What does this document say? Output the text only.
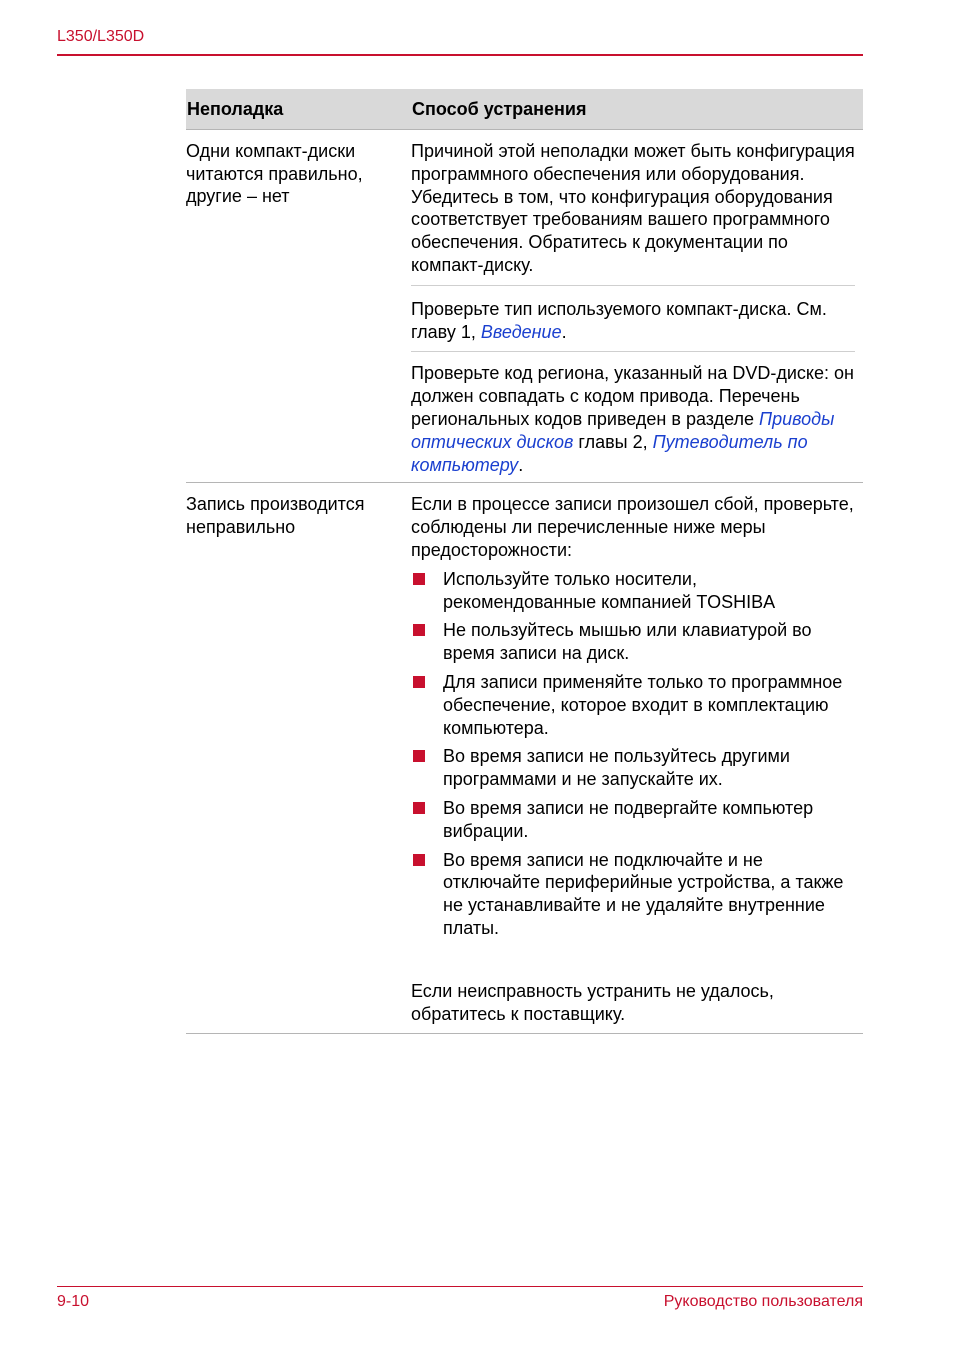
L350/L350D
Неполадка	Способ устранения
Одни компакт-диски читаются правильно, другие – нет
Причиной этой неполадки может быть конфигурация программного обеспечения или оборудования. Убедитесь в том, что конфигурация оборудования соответствует требованиям вашего программного обеспечения. Обратитесь к документации по компакт-диску.
Проверьте тип используемого компакт-диска. См. главу 1, Введение.
Проверьте код региона, указанный на DVD-диске: он должен совпадать с кодом привода. Перечень региональных кодов приведен в разделе Приводы оптических дисков главы 2, Путеводитель по компьютеру.
Запись производится неправильно
Если в процессе записи произошел сбой, проверьте, соблюдены ли перечисленные ниже меры предосторожности:
Используйте только носители, рекомендованные компанией TOSHIBA
Не пользуйтесь мышью или клавиатурой во время записи на диск.
Для записи применяйте только то программное обеспечение, которое входит в комплектацию компьютера.
Во время записи не пользуйтесь другими программами и не запускайте их.
Во время записи не подвергайте компьютер вибрации.
Во время записи не подключайте и не отключайте периферийные устройства, а также не устанавливайте и не удаляйте внутренние платы.
Если неисправность устранить не удалось, обратитесь к поставщику.
9-10	Руководство пользователя
